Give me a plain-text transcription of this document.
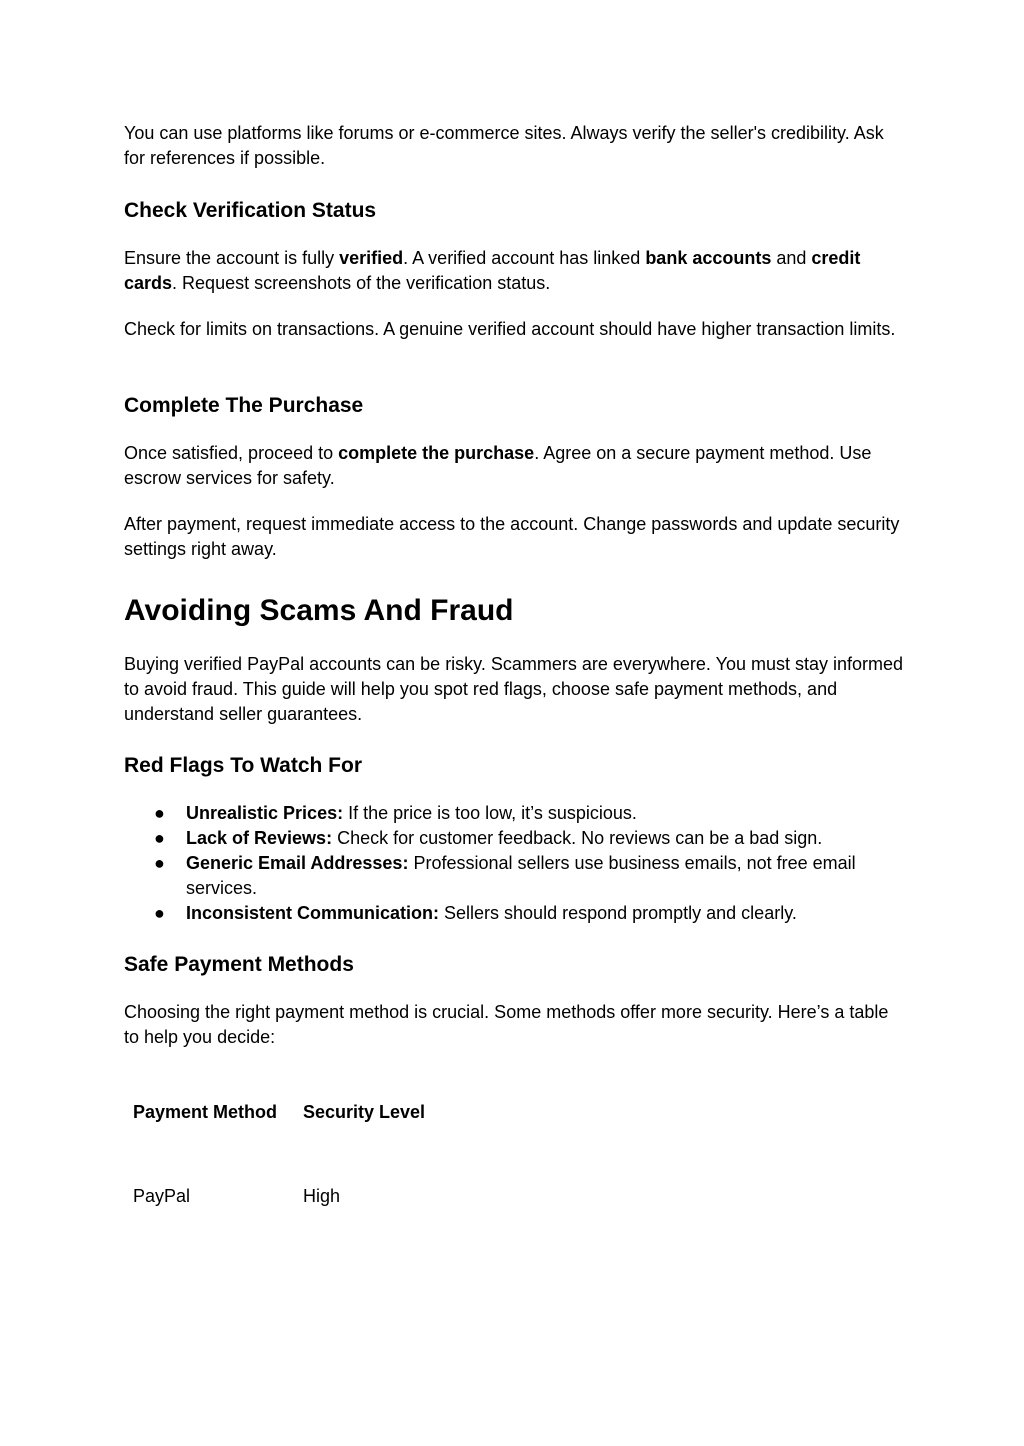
You can use platforms like forums or e-commerce sites. Always verify the seller's credibility. Ask for references if possible.

Check Verification Status

Ensure the account is fully verified. A verified account has linked bank accounts and credit cards. Request screenshots of the verification status.

Check for limits on transactions. A genuine verified account should have higher transaction limits.

Complete The Purchase

Once satisfied, proceed to complete the purchase. Agree on a secure payment method. Use escrow services for safety.

After payment, request immediate access to the account. Change passwords and update security settings right away.

Avoiding Scams And Fraud

Buying verified PayPal accounts can be risky. Scammers are everywhere. You must stay informed to avoid fraud. This guide will help you spot red flags, choose safe payment methods, and understand seller guarantees.

Red Flags To Watch For
● Unrealistic Prices: If the price is too low, it’s suspicious.
● Lack of Reviews: Check for customer feedback. No reviews can be a bad sign.
● Generic Email Addresses: Professional sellers use business emails, not free email services.
● Inconsistent Communication: Sellers should respond promptly and clearly.
Safe Payment Methods

Choosing the right payment method is crucial. Some methods offer more security. Here’s a table to help you decide:

Payment Method Security Level
PayPal	High
